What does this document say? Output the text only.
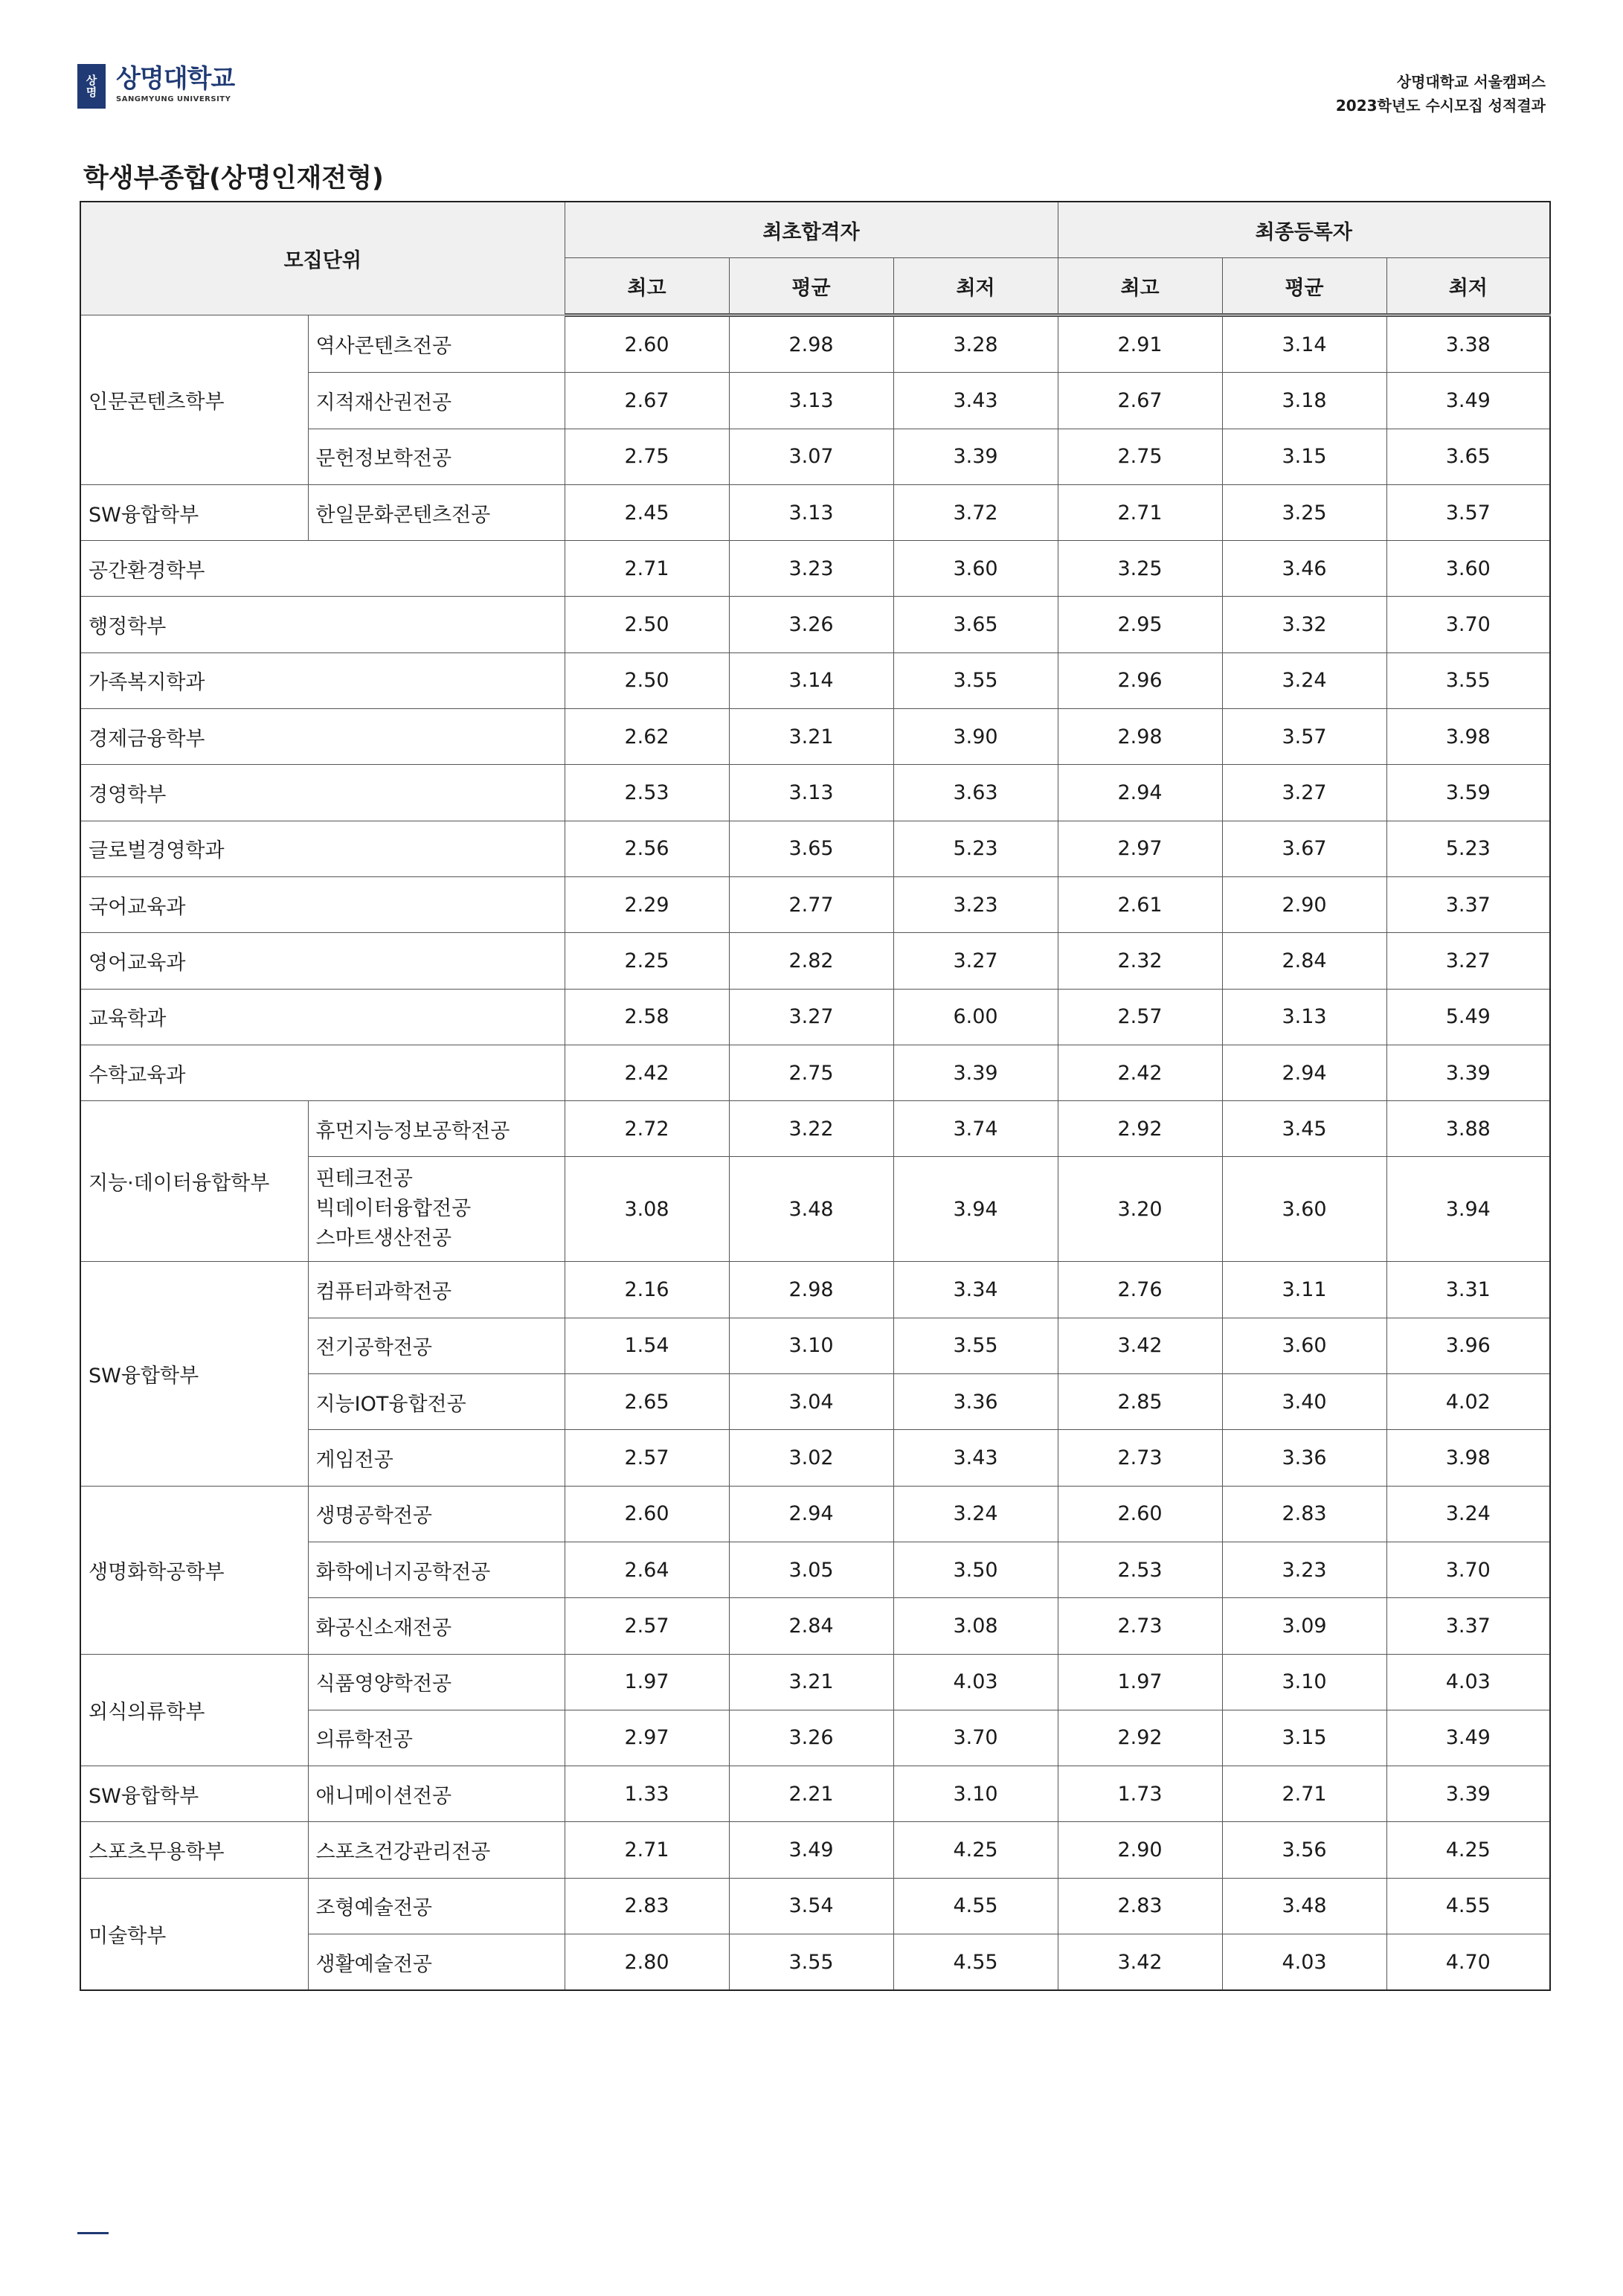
상
명 상명대학교
SANGMYUNG UNIVERSITY
상명대학교 서울캠퍼스
2023학년도 수시모집 성적결과
학생부종합(상명인재전형)
모집단위		최초합격자			최종등록자		
		최고	평균	최저	최고	평균	최저
인문콘텐츠학부	역사콘텐츠전공	2.60	2.98	3.28	2.91	3.14	3.38
	지적재산권전공	2.67	3.13	3.43	2.67	3.18	3.49
	문헌정보학전공	2.75	3.07	3.39	2.75	3.15	3.65
SW융합학부	한일문화콘텐츠전공	2.45	3.13	3.72	2.71	3.25	3.57
공간환경학부		2.71	3.23	3.60	3.25	3.46	3.60
행정학부		2.50	3.26	3.65	2.95	3.32	3.70
가족복지학과		2.50	3.14	3.55	2.96	3.24	3.55
경제금융학부		2.62	3.21	3.90	2.98	3.57	3.98
경영학부		2.53	3.13	3.63	2.94	3.27	3.59
글로벌경영학과		2.56	3.65	5.23	2.97	3.67	5.23
국어교육과		2.29	2.77	3.23	2.61	2.90	3.37
영어교육과		2.25	2.82	3.27	2.32	2.84	3.27
교육학과		2.58	3.27	6.00	2.57	3.13	5.49
수학교육과		2.42	2.75	3.39	2.42	2.94	3.39
지능·데이터융합학부	휴먼지능정보공학전공	2.72	3.22	3.74	2.92	3.45	3.88

	핀테크전공
빅데이터융합전공
스마트생산전공	3.08	3.48	3.94	3.20	3.60	3.94
SW융합학부	컴퓨터과학전공	2.16	2.98	3.34	2.76	3.11	3.31
	전기공학전공	1.54	3.10	3.55	3.42	3.60	3.96
	지능IOT융합전공	2.65	3.04	3.36	2.85	3.40	4.02
	게임전공	2.57	3.02	3.43	2.73	3.36	3.98
생명화학공학부	생명공학전공	2.60	2.94	3.24	2.60	2.83	3.24
	화학에너지공학전공	2.64	3.05	3.50	2.53	3.23	3.70
	화공신소재전공	2.57	2.84	3.08	2.73	3.09	3.37
외식의류학부	식품영양학전공	1.97	3.21	4.03	1.97	3.10	4.03
	의류학전공	2.97	3.26	3.70	2.92	3.15	3.49
SW융합학부	애니메이션전공	1.33	2.21	3.10	1.73	2.71	3.39
스포츠무용학부	스포츠건강관리전공	2.71	3.49	4.25	2.90	3.56	4.25
미술학부	조형예술전공	2.83	3.54	4.55	2.83	3.48	4.55
	생활예술전공	2.80	3.55	4.55	3.42	4.03	4.70
